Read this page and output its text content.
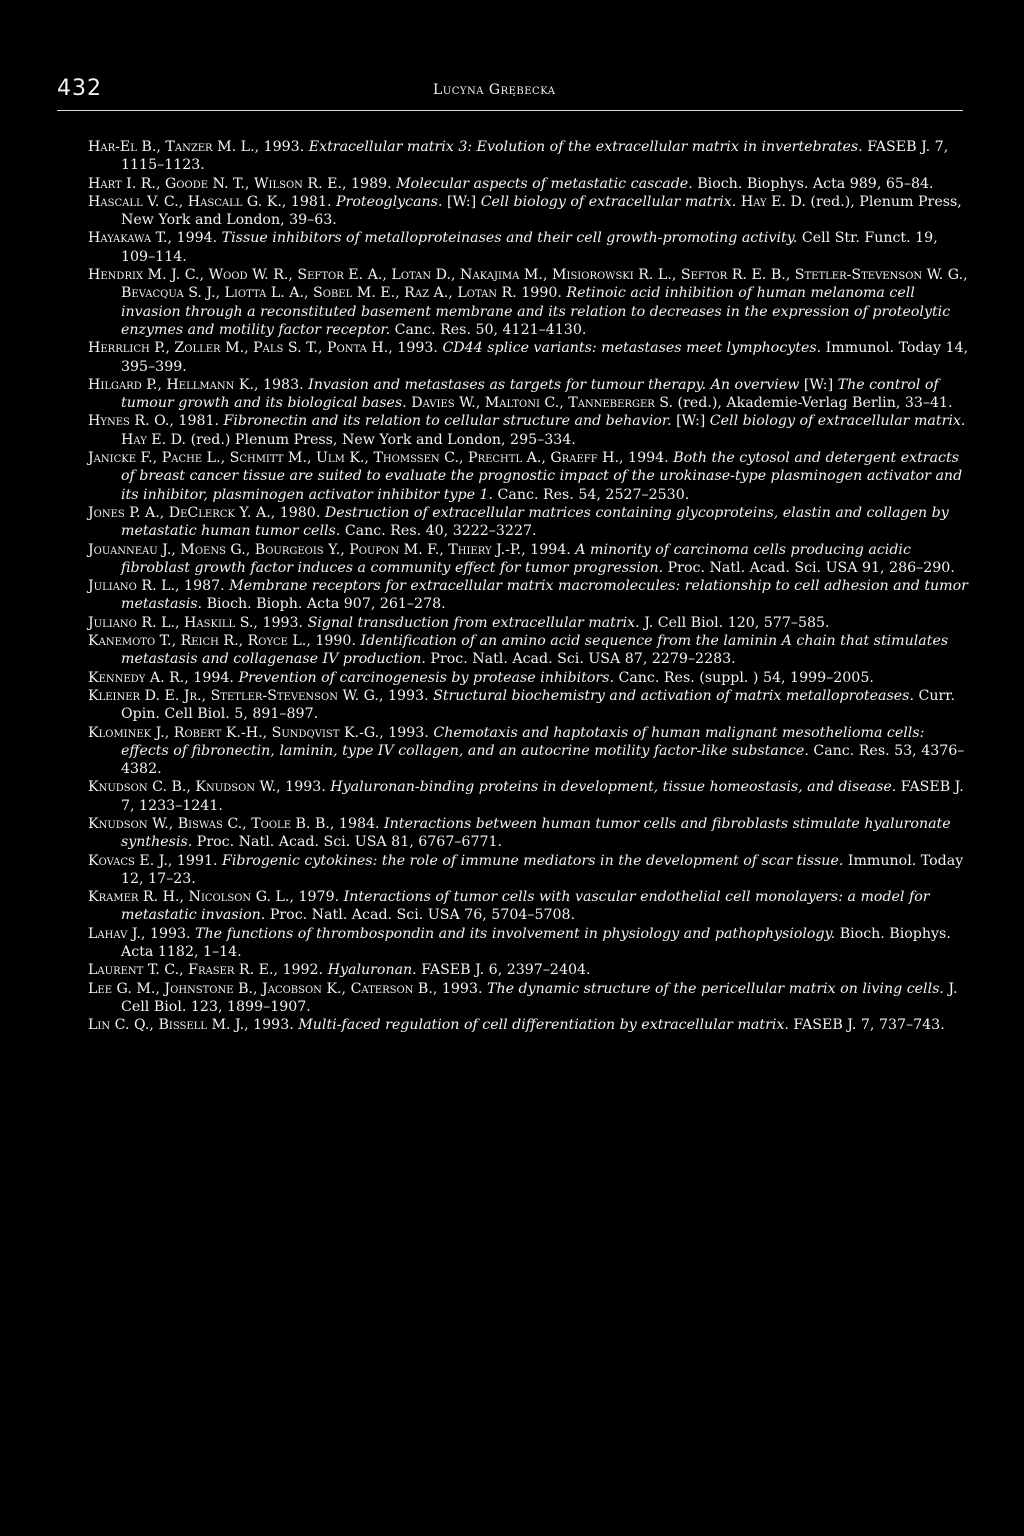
432	Lucyna Grębecka
Har-El B., Tanzer M. L., 1993. Extracellular matrix 3: Evolution of the extracellular matrix in invertebrates. FASEB J. 7, 1115–1123.
Hart I. R., Goode N. T., Wilson R. E., 1989. Molecular aspects of metastatic cascade. Bioch. Biophys. Acta 989, 65–84.
Hascall V. C., Hascall G. K., 1981. Proteoglycans. [W:] Cell biology of extracellular matrix. Hay E. D. (red.), Plenum Press, New York and London, 39–63.
Hayakawa T., 1994. Tissue inhibitors of metalloproteinases and their cell growth-promoting activity. Cell Str. Funct. 19, 109–114.
Hendrix M. J. C., Wood W. R., Seftor E. A., Lotan D., Nakajima M., Misiorowski R. L., Seftor R. E. B., Stetler-Stevenson W. G., Bevacqua S. J., Liotta L. A., Sobel M. E., Raz A., Lotan R. 1990. Retinoic acid inhibition of human melanoma cell invasion through a reconstituted basement membrane and its relation to decreases in the expression of proteolytic enzymes and motility factor receptor. Canc. Res. 50, 4121–4130.
Herrlich P., Zoller M., Pals S. T., Ponta H., 1993. CD44 splice variants: metastases meet lymphocytes. Immunol. Today 14, 395–399.
Hilgard P., Hellmann K., 1983. Invasion and metastases as targets for tumour therapy. An overview [W:] The control of tumour growth and its biological bases. Davies W., Maltoni C., Tanneberger S. (red.), Akademie-Verlag Berlin, 33–41.
Hynes R. O., 1981. Fibronectin and its relation to cellular structure and behavior. [W:] Cell biology of extracellular matrix. Hay E. D. (red.) Plenum Press, New York and London, 295–334.
Janicke F., Pache L., Schmitt M., Ulm K., Thomssen C., Prechtl A., Graeff H., 1994. Both the cytosol and detergent extracts of breast cancer tissue are suited to evaluate the prognostic impact of the urokinase-type plasminogen activator and its inhibitor, plasminogen activator inhibitor type 1. Canc. Res. 54, 2527–2530.
Jones P. A., DeClerck Y. A., 1980. Destruction of extracellular matrices containing glycoproteins, elastin and collagen by metastatic human tumor cells. Canc. Res. 40, 3222–3227.
Jouanneau J., Moens G., Bourgeois Y., Poupon M. F., Thiery J.-P., 1994. A minority of carcinoma cells producing acidic fibroblast growth factor induces a community effect for tumor progression. Proc. Natl. Acad. Sci. USA 91, 286–290.
Juliano R. L., 1987. Membrane receptors for extracellular matrix macromolecules: relationship to cell adhesion and tumor metastasis. Bioch. Bioph. Acta 907, 261–278.
Juliano R. L., Haskill S., 1993. Signal transduction from extracellular matrix. J. Cell Biol. 120, 577–585.
Kanemoto T., Reich R., Royce L., 1990. Identification of an amino acid sequence from the laminin A chain that stimulates metastasis and collagenase IV production. Proc. Natl. Acad. Sci. USA 87, 2279–2283.
Kennedy A. R., 1994. Prevention of carcinogenesis by protease inhibitors. Canc. Res. (suppl. ) 54, 1999–2005.
Kleiner D. E. Jr., Stetler-Stevenson W. G., 1993. Structural biochemistry and activation of matrix metalloproteases. Curr. Opin. Cell Biol. 5, 891–897.
Klominek J., Robert K.-H., Sundqvist K.-G., 1993. Chemotaxis and haptotaxis of human malignant mesothelioma cells: effects of fibronectin, laminin, type IV collagen, and an autocrine motility factor-like substance. Canc. Res. 53, 4376–4382.
Knudson C. B., Knudson W., 1993. Hyaluronan-binding proteins in development, tissue homeostasis, and disease. FASEB J. 7, 1233–1241.
Knudson W., Biswas C., Toole B. B., 1984. Interactions between human tumor cells and fibroblasts stimulate hyaluronate synthesis. Proc. Natl. Acad. Sci. USA 81, 6767–6771.
Kovacs E. J., 1991. Fibrogenic cytokines: the role of immune mediators in the development of scar tissue. Immunol. Today 12, 17–23.
Kramer R. H., Nicolson G. L., 1979. Interactions of tumor cells with vascular endothelial cell monolayers: a model for metastatic invasion. Proc. Natl. Acad. Sci. USA 76, 5704–5708.
Lahav J., 1993. The functions of thrombospondin and its involvement in physiology and pathophysiology. Bioch. Biophys. Acta 1182, 1–14.
Laurent T. C., Fraser R. E., 1992. Hyaluronan. FASEB J. 6, 2397–2404.
Lee G. M., Johnstone B., Jacobson K., Caterson B., 1993. The dynamic structure of the pericellular matrix on living cells. J. Cell Biol. 123, 1899–1907.
Lin C. Q., Bissell M. J., 1993. Multi-faced regulation of cell differentiation by extracellular matrix. FASEB J. 7, 737–743.
